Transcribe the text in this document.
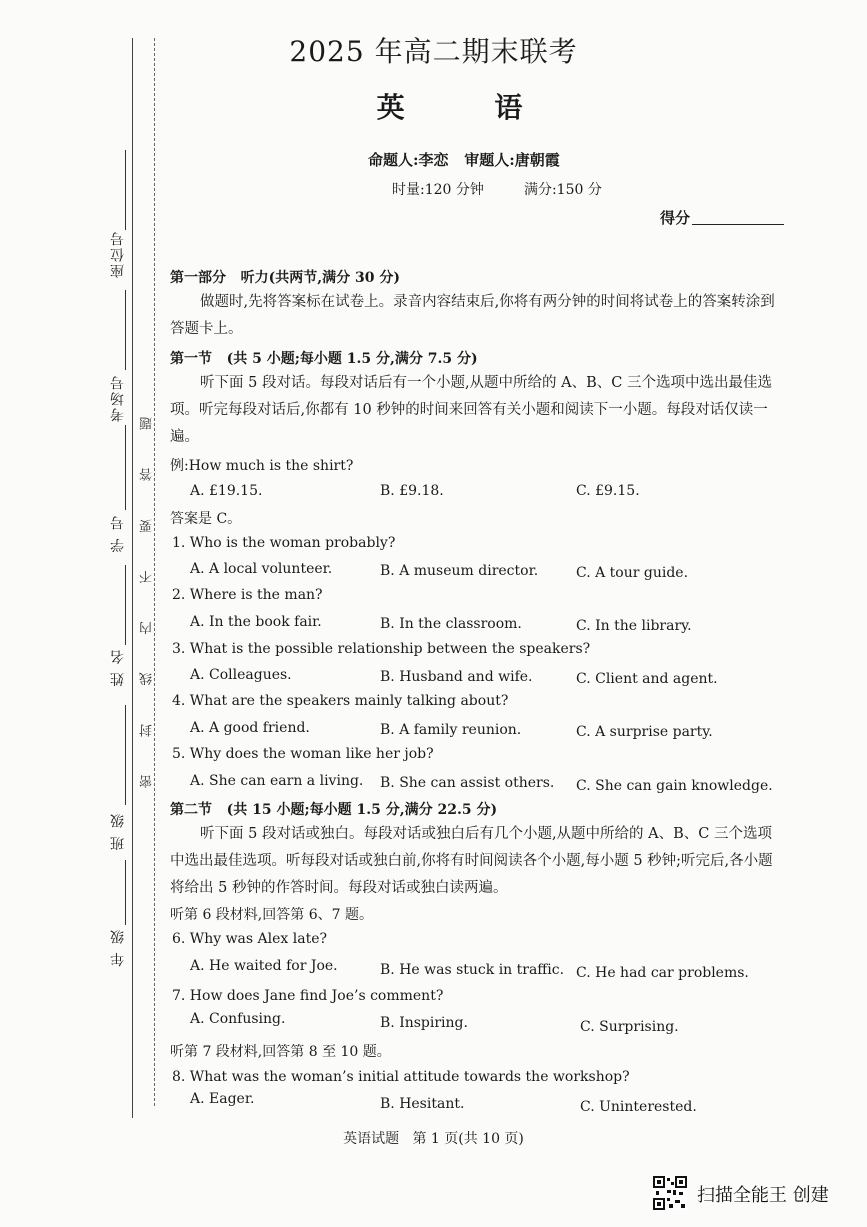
座位号
考场号
学 号
姓 名
班 级
年 级
密 封 线 内 不 要 答 题
2025 年高二期末联考
英 语
命题人:李恋   审题人:唐朝霞
时量:120 分钟         满分:150 分
得分
第一部分   听力(共两节,满分 30 分)
做题时,先将答案标在试卷上。录音内容结束后,你将有两分钟的时间将试卷上的答案转涂到答题卡上。
第一节   (共 5 小题;每小题 1.5 分,满分 7.5 分)
听下面 5 段对话。每段对话后有一个小题,从题中所给的 A、B、C 三个选项中选出最佳选项。听完每段对话后,你都有 10 秒钟的时间来回答有关小题和阅读下一小题。每段对话仅读一遍。
例:How much is the shirt?
A. £19.15.	B. £9.18.	C. £9.15.
答案是 C。
1. Who is the woman probably?
A. A local volunteer.	B. A museum director.	C. A tour guide.
2. Where is the man?
A. In the book fair.	B. In the classroom.	C. In the library.
3. What is the possible relationship between the speakers?
A. Colleagues.	B. Husband and wife.	C. Client and agent.
4. What are the speakers mainly talking about?
A. A good friend.	B. A family reunion.	C. A surprise party.
5. Why does the woman like her job?
A. She can earn a living. B. She can assist others. C. She can gain knowledge.
第二节   (共 15 小题;每小题 1.5 分,满分 22.5 分)
听下面 5 段对话或独白。每段对话或独白后有几个小题,从题中所给的 A、B、C 三个选项中选出最佳选项。听每段对话或独白前,你将有时间阅读各个小题,每小题 5 秒钟;听完后,各小题将给出 5 秒钟的作答时间。每段对话或独白读两遍。
听第 6 段材料,回答第 6、7 题。
6. Why was Alex late?
A. He waited for Joe.	B. He was stuck in traffic. C. He had car problems.
7. How does Jane find Joe’s comment?
A. Confusing.	B. Inspiring.	C. Surprising.
听第 7 段材料,回答第 8 至 10 题。
8. What was the woman’s initial attitude towards the workshop?
A. Eager.	B. Hesitant.	C. Uninterested.
英语试题   第 1 页(共 10 页)
扫描全能王 创建
